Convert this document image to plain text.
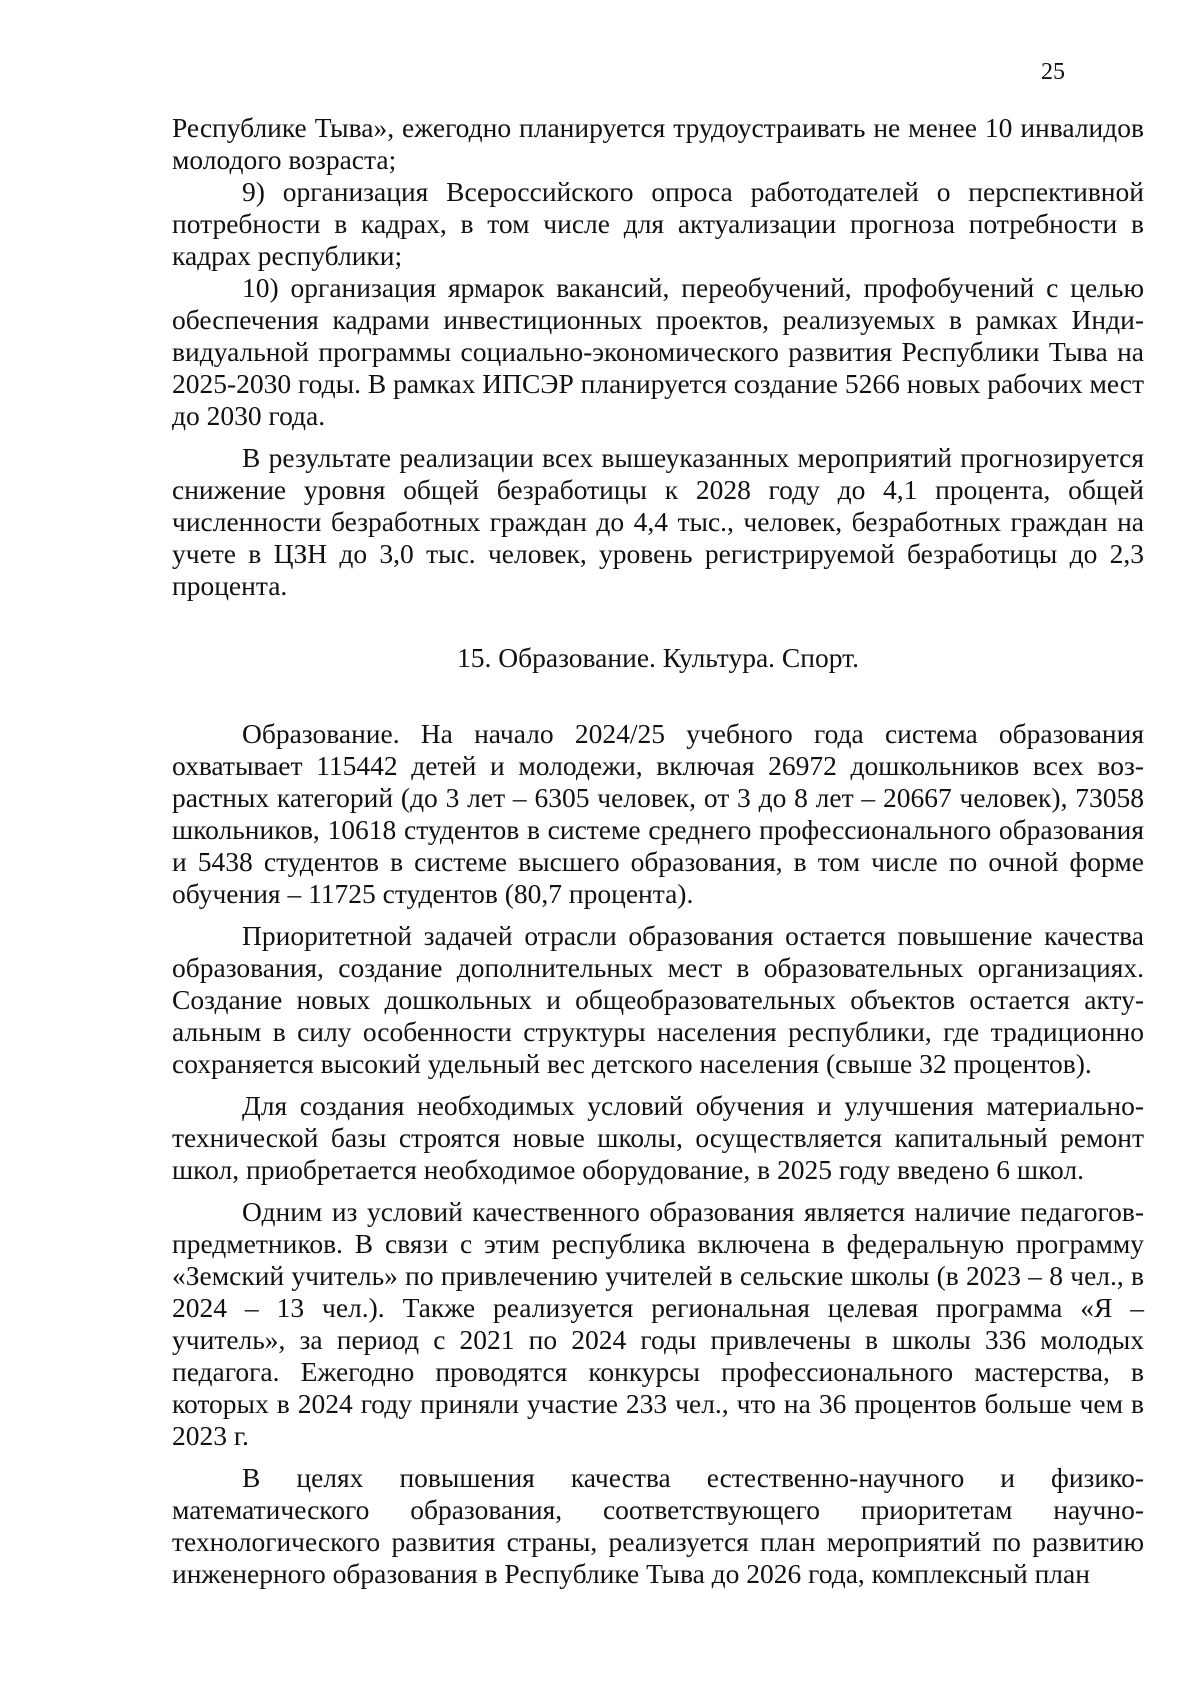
25

Республике Тыва», ежегодно планируется трудоустраивать не менее 10 инвалидов молодого возраста;

9) организация Всероссийского опроса работодателей о перспективной потребности в кадрах, в том числе для актуализации прогноза потребности в кадрах республики;

10) организация ярмарок вакансий, переобучений, профобучений с целью обеспечения кадрами инвестиционных проектов, реализуемых в рамках Индивидуальной программы социально-экономического развития Республики Тыва на 2025-2030 годы. В рамках ИПСЭР планируется создание 5266 новых рабочих мест до 2030 года.

В результате реализации всех вышеуказанных мероприятий прогнозируется снижение уровня общей безработицы к 2028 году до 4,1 процента, общей численности безработных граждан до 4,4 тыс., человек, безработных граждан на учете в ЦЗН до 3,0 тыс. человек, уровень регистрируемой безработицы до 2,3 процента.

15. Образование. Культура. Спорт.

Образование. На начало 2024/25 учебного года система образования охватывает 115442 детей и молодежи, включая 26972 дошкольников всех возрастных категорий (до 3 лет – 6305 человек, от 3 до 8 лет – 20667 человек), 73058 школьников, 10618 студентов в системе среднего профессионального образования и 5438 студентов в системе высшего образования, в том числе по очной форме обучения – 11725 студентов (80,7 процента).

Приоритетной задачей отрасли образования остается повышение качества образования, создание дополнительных мест в образовательных организациях. Создание новых дошкольных и общеобразовательных объектов остается актуальным в силу особенности структуры населения республики, где традиционно сохраняется высокий удельный вес детского населения (свыше 32 процентов).

Для создания необходимых условий обучения и улучшения материально-технической базы строятся новые школы, осуществляется капитальный ремонт школ, приобретается необходимое оборудование, в 2025 году введено 6 школ.

Одним из условий качественного образования является наличие педагогов-предметников. В связи с этим республика включена в федеральную программу «Земский учитель» по привлечению учителей в сельские школы (в 2023 – 8 чел., в 2024 – 13 чел.). Также реализуется региональная целевая программа «Я – учитель», за период с 2021 по 2024 годы привлечены в школы 336 молодых педагога. Ежегодно проводятся конкурсы профессионального мастерства, в которых в 2024 году приняли участие 233 чел., что на 36 процентов больше чем в 2023 г.

В целях повышения качества естественно-научного и физико-математического образования, соответствующего приоритетам научно-технологического развития страны, реализуется план мероприятий по развитию инженерного образования в Республике Тыва до 2026 года, комплексный план
